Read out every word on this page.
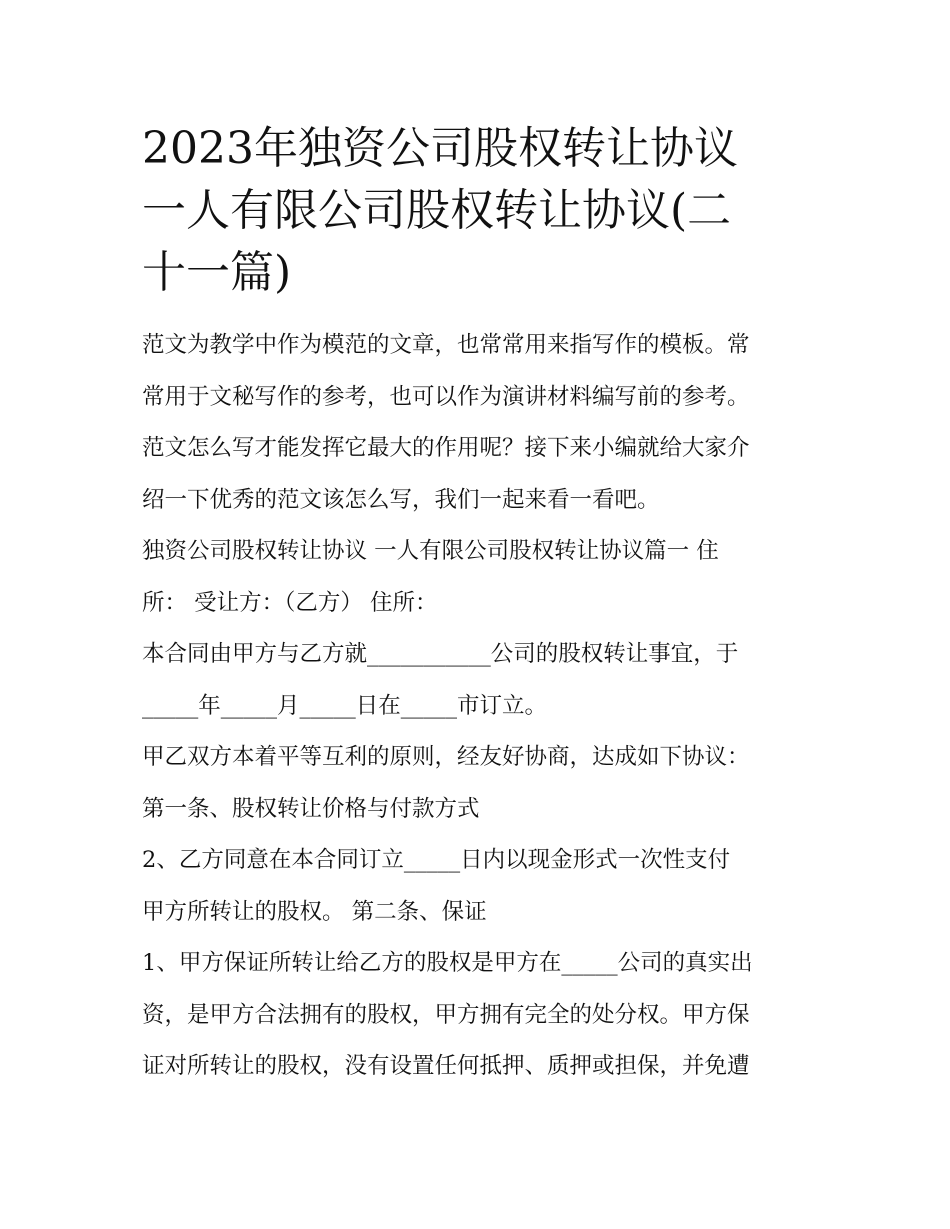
2023年独资公司股权转让协议
一人有限公司股权转让协议(二
十一篇)
范文为教学中作为模范的文章，也常常用来指写作的模板。常
常用于文秘写作的参考，也可以作为演讲材料编写前的参考。
范文怎么写才能发挥它最大的作用呢？接下来小编就给大家介
绍一下优秀的范文该怎么写，我们一起来看一看吧。
独资公司股权转让协议 一人有限公司股权转让协议篇一 住
所： 受让方：（乙方） 住所：
本合同由甲方与乙方就___________公司的股权转让事宜，于
_____年_____月_____日在_____市订立。
甲乙双方本着平等互利的原则，经友好协商，达成如下协议：
第一条、股权转让价格与付款方式
2、乙方同意在本合同订立_____日内以现金形式一次性支付
甲方所转让的股权。 第二条、保证
1、甲方保证所转让给乙方的股权是甲方在_____公司的真实出
资，是甲方合法拥有的股权，甲方拥有完全的处分权。甲方保
证对所转让的股权，没有设置任何抵押、质押或担保，并免遭
